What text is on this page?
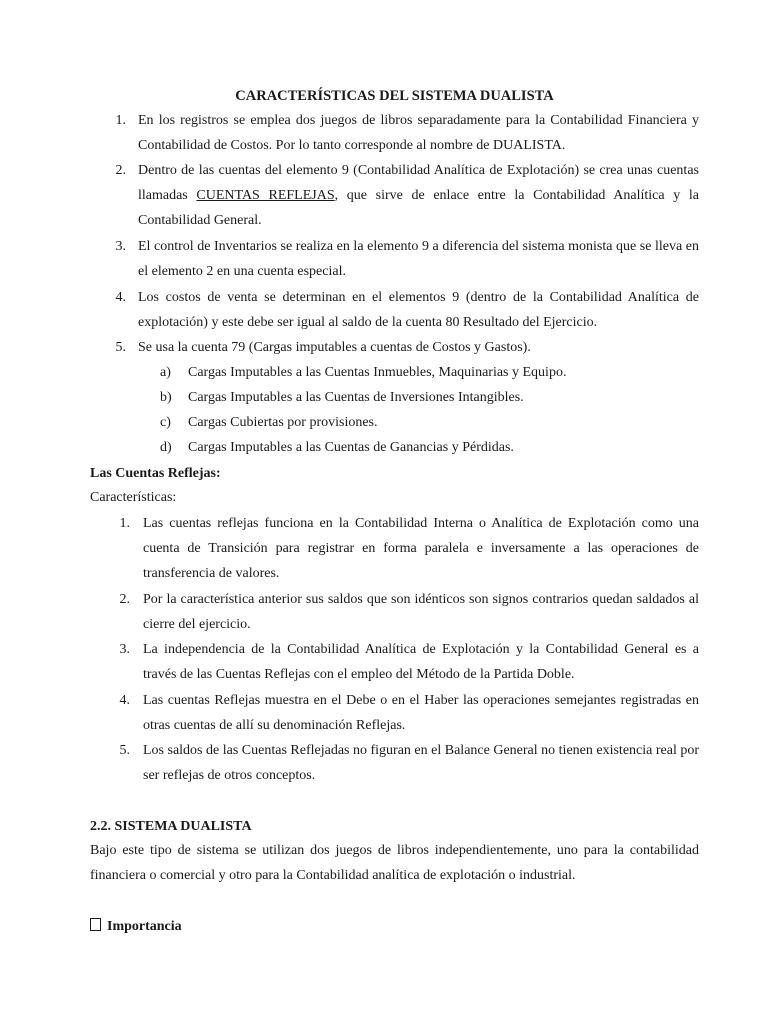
CARACTERÍSTICAS DEL SISTEMA DUALISTA
1. En los registros se emplea dos juegos de libros separadamente para la Contabilidad Financiera y Contabilidad de Costos. Por lo tanto corresponde al nombre de DUALISTA.
2. Dentro de las cuentas del elemento 9 (Contabilidad Analítica de Explotación) se crea unas cuentas llamadas CUENTAS REFLEJAS, que sirve de enlace entre la Contabilidad Analítica y la Contabilidad General.
3. El control de Inventarios se realiza en la elemento 9 a diferencia del sistema monista que se lleva en el elemento 2 en una cuenta especial.
4. Los costos de venta se determinan en el elementos 9 (dentro de la Contabilidad Analítica de explotación) y este debe ser igual al saldo de la cuenta 80 Resultado del Ejercicio.
5. Se usa la cuenta 79 (Cargas imputables a cuentas de Costos y Gastos).
a) Cargas Imputables a las Cuentas Inmuebles, Maquinarias y Equipo.
b) Cargas Imputables a las Cuentas de Inversiones Intangibles.
c) Cargas Cubiertas por provisiones.
d) Cargas Imputables a las Cuentas de Ganancias y Pérdidas.
Las Cuentas Reflejas:
Características:
1. Las cuentas reflejas funciona en la Contabilidad Interna o Analítica de Explotación como una cuenta de Transición para registrar en forma paralela e inversamente a las operaciones de transferencia de valores.
2. Por la característica anterior sus saldos que son idénticos son signos contrarios quedan saldados al cierre del ejercicio.
3. La independencia de la Contabilidad Analítica de Explotación y la Contabilidad General es a través de las Cuentas Reflejas con el empleo del Método de la Partida Doble.
4. Las cuentas Reflejas muestra en el Debe o en el Haber las operaciones semejantes registradas en otras cuentas de allí su denominación Reflejas.
5. Los saldos de las Cuentas Reflejadas no figuran en el Balance General no tienen existencia real por ser reflejas de otros conceptos.
2.2. SISTEMA DUALISTA
Bajo este tipo de sistema se utilizan dos juegos de libros independientemente, uno para la contabilidad financiera o comercial y otro para la Contabilidad analítica de explotación o industrial.
Importancia
